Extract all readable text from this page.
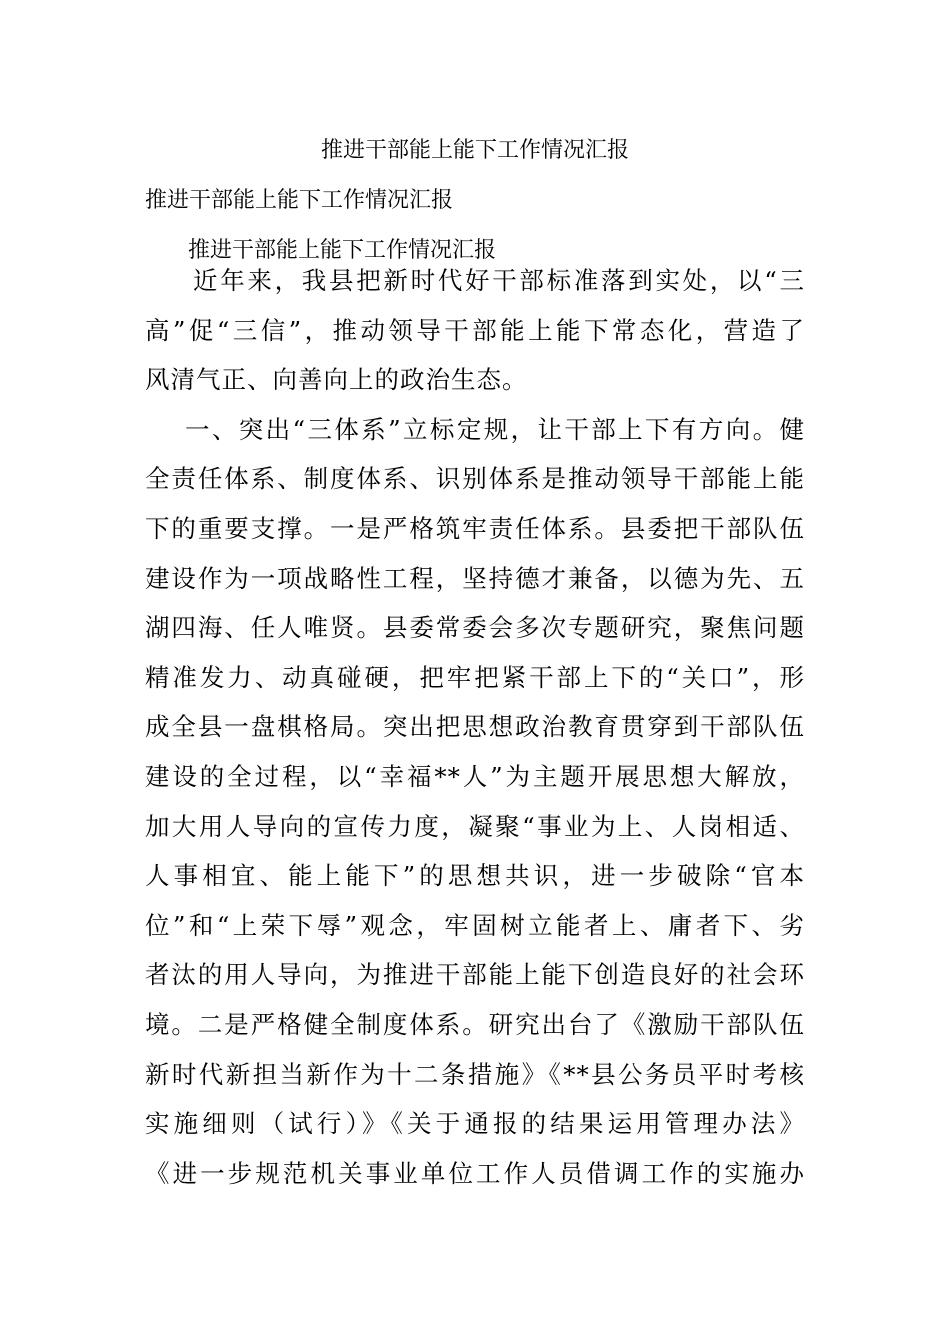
推进干部能上能下工作情况汇报
推进干部能上能下工作情况汇报
推进干部能上能下工作情况汇报
近年来，我县把新时代好干部标准落到实处，以“三
高”促“三信”，推动领导干部能上能下常态化，营造了
风清气正、向善向上的政治生态。
一、突出“三体系”立标定规，让干部上下有方向。健
全责任体系、制度体系、识别体系是推动领导干部能上能
下的重要支撑。一是严格筑牢责任体系。县委把干部队伍
建设作为一项战略性工程，坚持德才兼备，以德为先、五
湖四海、任人唯贤。县委常委会多次专题研究，聚焦问题
精准发力、动真碰硬，把牢把紧干部上下的“关口”，形
成全县一盘棋格局。突出把思想政治教育贯穿到干部队伍
建设的全过程，以“幸福**人”为主题开展思想大解放，
加大用人导向的宣传力度，凝聚“事业为上、人岗相适、
人事相宜、能上能下”的思想共识，进一步破除“官本
位”和“上荣下辱”观念，牢固树立能者上、庸者下、劣
者汰的用人导向，为推进干部能上能下创造良好的社会环
境。二是严格健全制度体系。研究出台了《激励干部队伍
新时代新担当新作为十二条措施》《**县公务员平时考核
实施细则（试行）》《关于通报的结果运用管理办法》
《进一步规范机关事业单位工作人员借调工作的实施办
